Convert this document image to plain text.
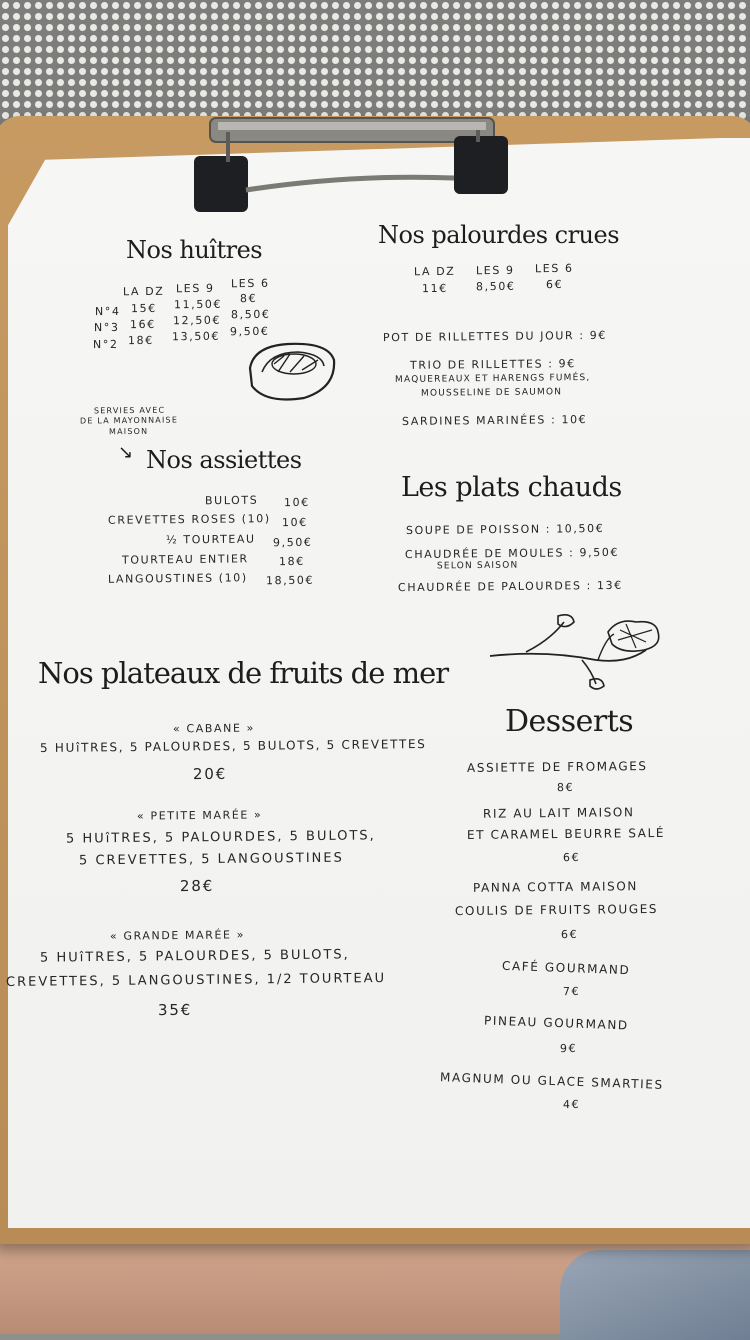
Nos huîtres
LA DZ LES 9 LES 6
N°4 15€ 11,50€ 8€
N°3 16€ 12,50€ 8,50€
N°2 18€ 13,50€ 9,50€
Nos palourdes crues
LA DZ LES 9 LES 6
11€	8,50€	6€
POT DE RILLETTES DU JOUR : 9€
TRIO DE RILLETTES : 9€
MAQUEREAUX ET HARENGS FUMÉS,
MOUSSELINE DE SAUMON
SARDINES MARINÉES : 10€
SERVIES AVEC
DE LA MAYONNAISE
MAISON
↘ Nos assiettes
BULOTS 10€
CREVETTES ROSES (10) 10€
½ TOURTEAU 9,50€
TOURTEAU ENTIER	18€
LANGOUSTINES (10) 18,50€
Les plats chauds
SOUPE DE POISSON : 10,50€
CHAUDRÉE DE MOULES : 9,50€
SELON SAISON
CHAUDRÉE DE PALOURDES : 13€
Nos plateaux de fruits de mer
« CABANE »
5 HUîTRES, 5 PALOURDES, 5 BULOTS, 5 CREVETTES
20€
« PETITE MARÉE »
5 HUîTRES, 5 PALOURDES, 5 BULOTS,
5 CREVETTES, 5 LANGOUSTINES
28€
« GRANDE MARÉE »
5 HUîTRES, 5 PALOURDES, 5 BULOTS,
CREVETTES, 5 LANGOUSTINES, 1/2 TOURTEAU
35€
Desserts
ASSIETTE DE FROMAGES
8€
RIZ AU LAIT MAISON
ET CARAMEL BEURRE SALÉ
6€
PANNA COTTA MAISON
COULIS DE FRUITS ROUGES
6€
CAFÉ GOURMAND
7€
PINEAU GOURMAND
9€
MAGNUM OU GLACE SMARTIES
4€
